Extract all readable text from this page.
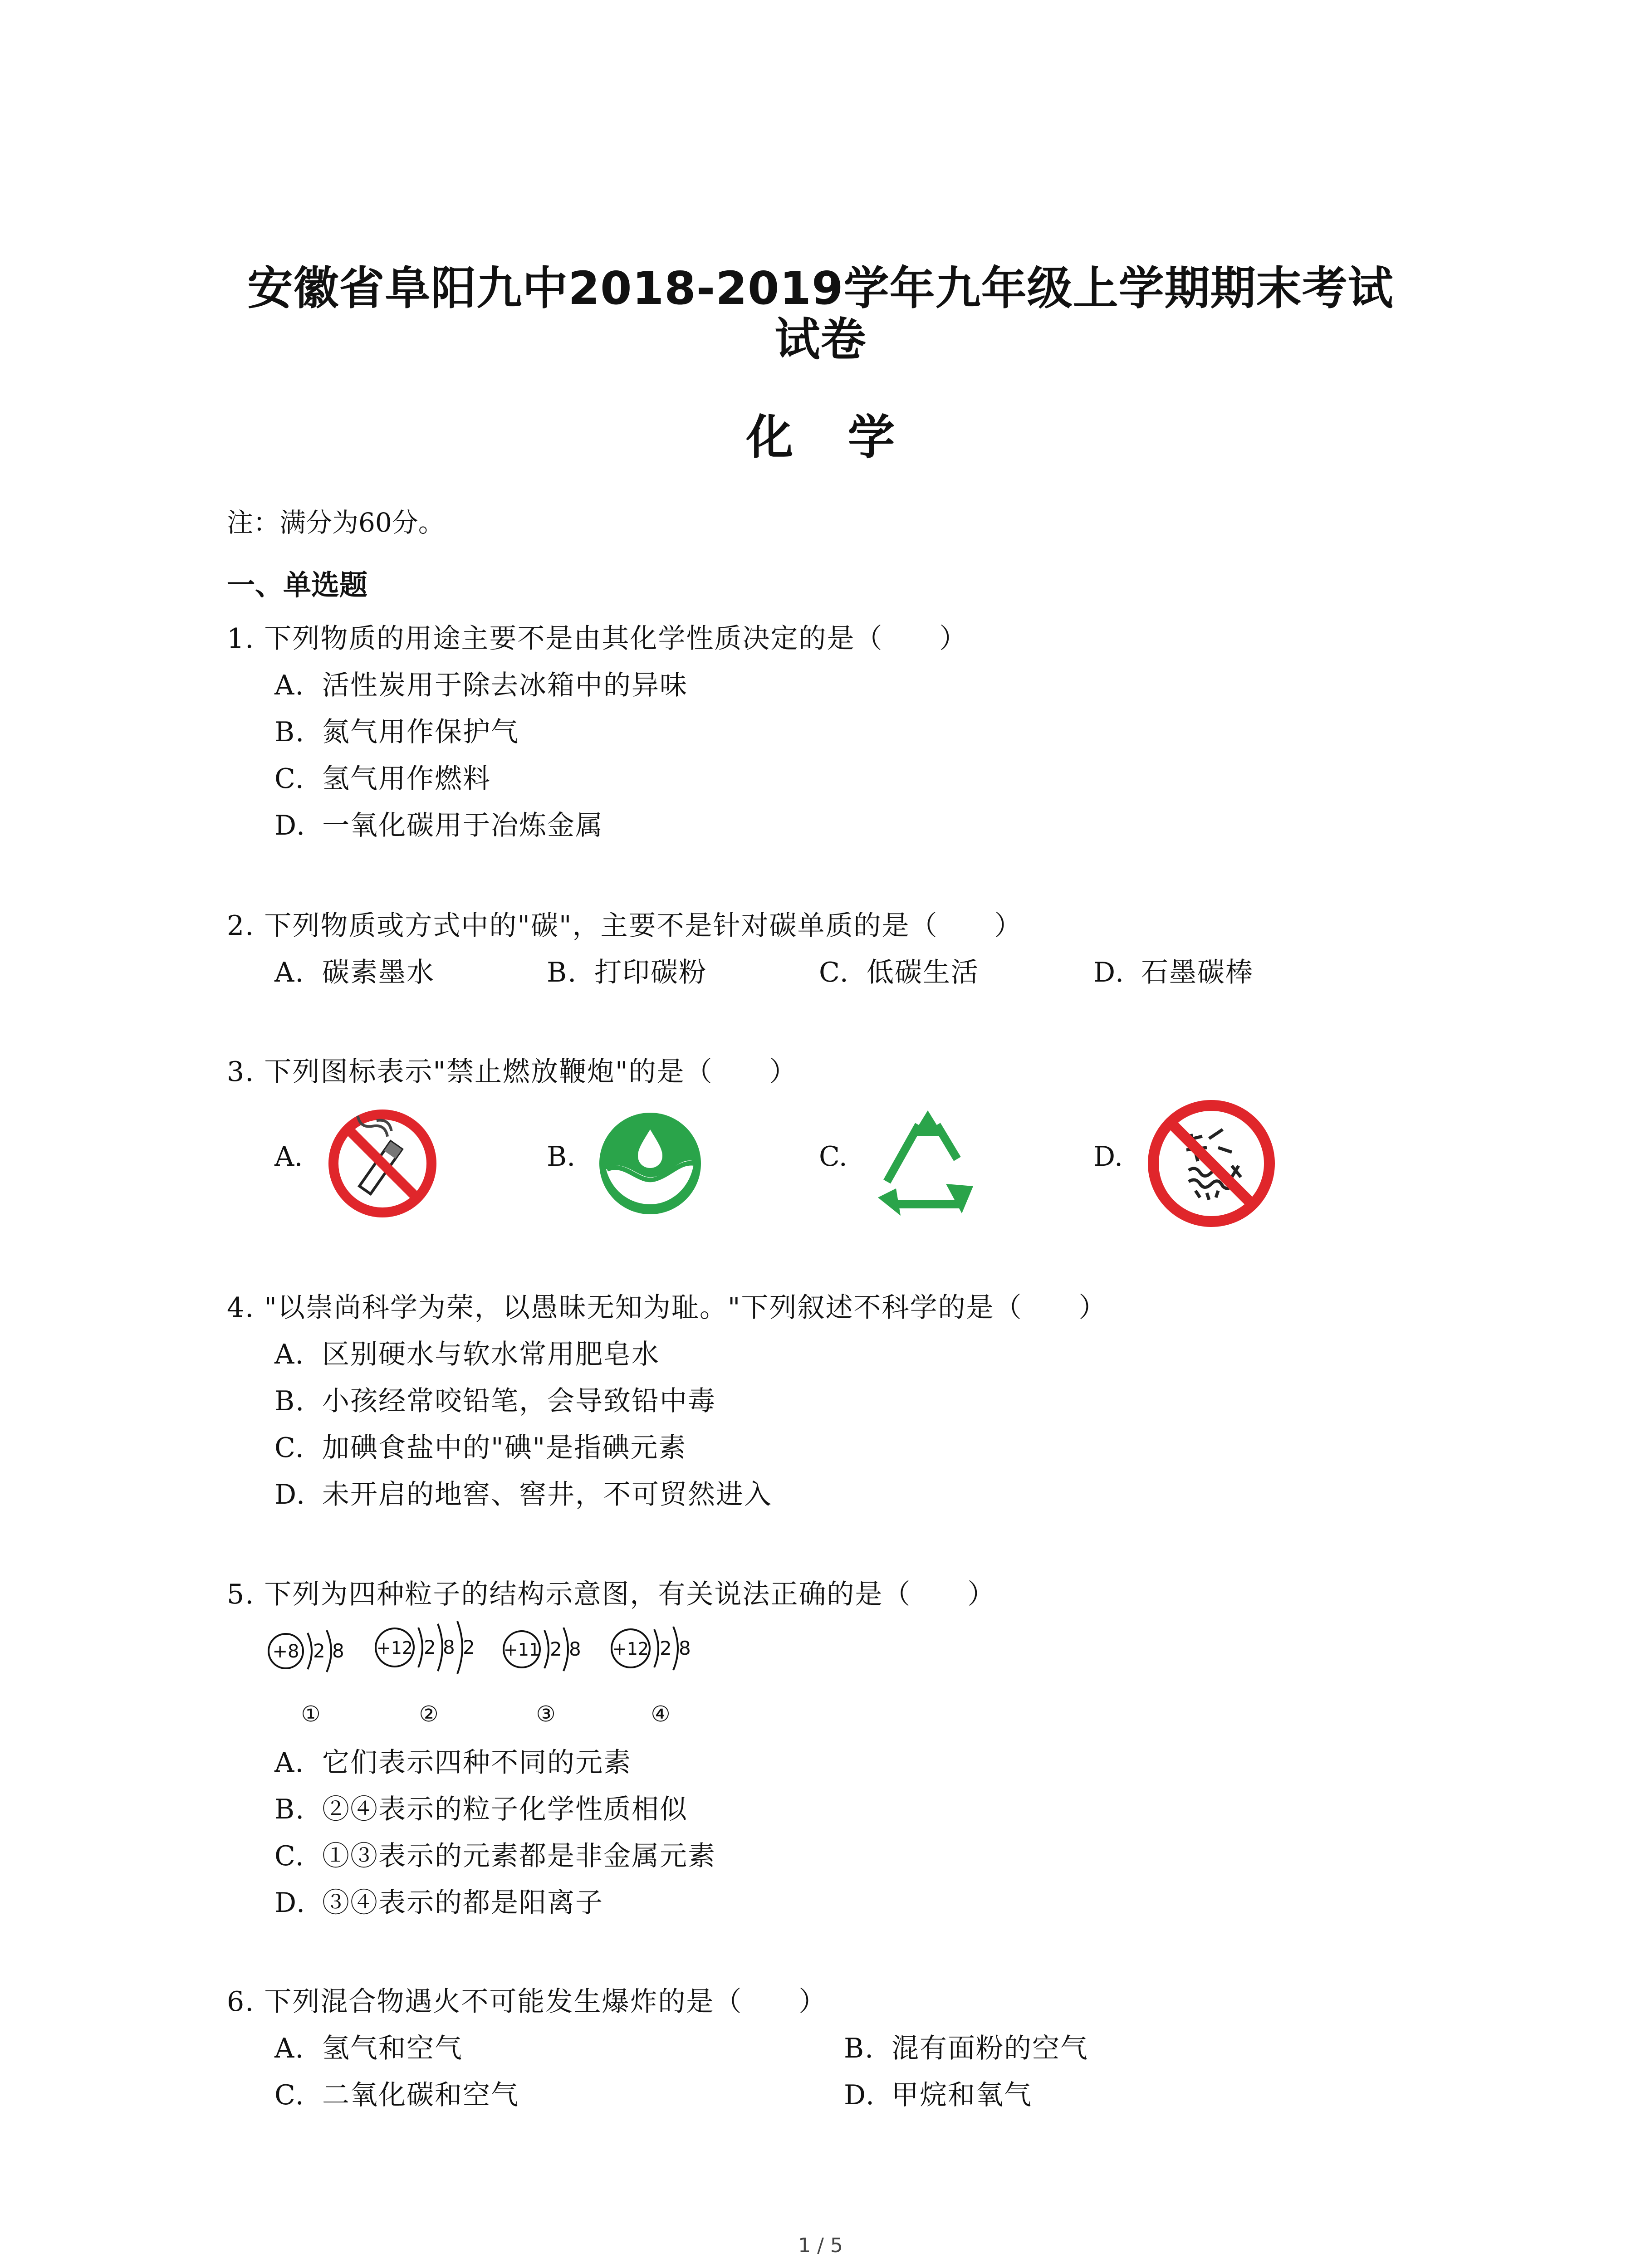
安徽省阜阳九中2018-2019学年九年级上学期期末考试
试卷
化 学
注：满分为60分。
一、单选题
1. 下列物质的用途主要不是由其化学性质决定的是（　　）
A. 活性炭用于除去冰箱中的异味
B. 氮气用作保护气
C. 氢气用作燃料
D. 一氧化碳用于冶炼金属
2. 下列物质或方式中的"碳"，主要不是针对碳单质的是（　　）
A. 碳素墨水	B. 打印碳粉	C. 低碳生活	D. 石墨碳棒
3. 下列图标表示"禁止燃放鞭炮"的是（　　）
A.	B.	C.	D.
4. "以崇尚科学为荣，以愚昧无知为耻。"下列叙述不科学的是（　　）
A. 区别硬水与软水常用肥皂水
B. 小孩经常咬铅笔，会导致铅中毒
C. 加碘食盐中的"碘"是指碘元素
D. 未开启的地窖、窖井，不可贸然进入
5. 下列为四种粒子的结构示意图，有关说法正确的是（　　）
+8 2 8
①
+12 2 8 2
②
+11 2 8
③
+12 2 8
④
A. 它们表示四种不同的元素
B. ②④表示的粒子化学性质相似
C. ①③表示的元素都是非金属元素
D. ③④表示的都是阳离子
6. 下列混合物遇火不可能发生爆炸的是（　　）
A. 氢气和空气	B. 混有面粉的空气
C. 二氧化碳和空气	D. 甲烷和氧气
1 / 5
